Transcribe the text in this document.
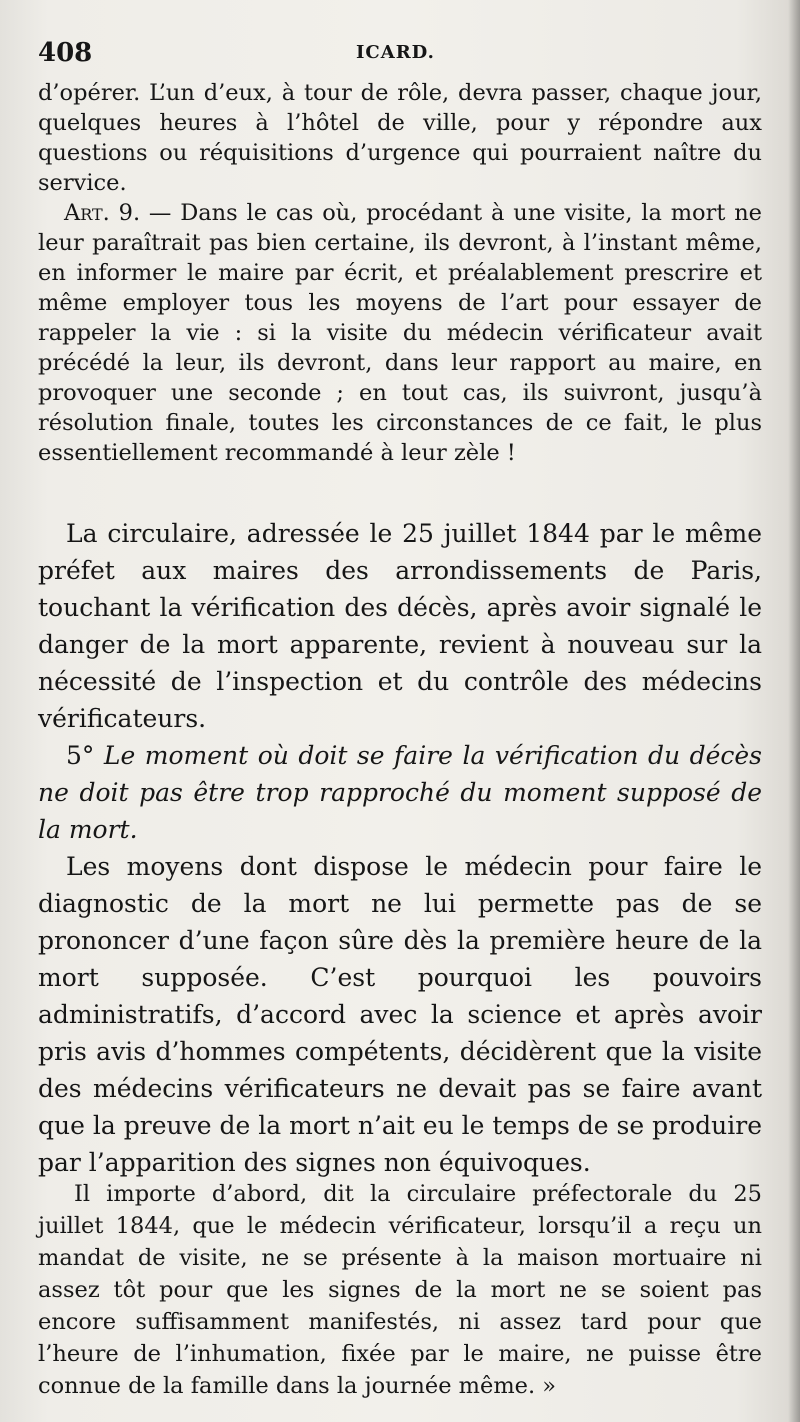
408	ICARD.

d’opérer. L’un d’eux, à tour de rôle, devra passer, chaque jour, quelques heures à l’hôtel de ville, pour y répondre aux questions ou réquisitions d’urgence qui pourraient naître du service.

Art. 9. — Dans le cas où, procédant à une visite, la mort ne leur paraîtrait pas bien certaine, ils devront, à l’instant même, en informer le maire par écrit, et préalablement prescrire et même employer tous les moyens de l’art pour essayer de rappeler la vie : si la visite du médecin vérificateur avait précédé la leur, ils devront, dans leur rapport au maire, en provoquer une seconde ; en tout cas, ils suivront, jusqu’à résolution finale, toutes les circonstances de ce fait, le plus essentiellement recommandé à leur zèle !

La circulaire, adressée le 25 juillet 1844 par le même préfet aux maires des arrondissements de Paris, touchant la vérification des décès, après avoir signalé le danger de la mort apparente, revient à nouveau sur la nécessité de l’inspection et du contrôle des médecins vérificateurs.

5° Le moment où doit se faire la vérification du décès ne doit pas être trop rapproché du moment supposé de la mort.

Les moyens dont dispose le médecin pour faire le diagnostic de la mort ne lui permette pas de se prononcer d’une façon sûre dès la première heure de la mort supposée. C’est pourquoi les pouvoirs administratifs, d’accord avec la science et après avoir pris avis d’hommes compétents, décidèrent que la visite des médecins vérificateurs ne devait pas se faire avant que la preuve de la mort n’ait eu le temps de se produire par l’apparition des signes non équivoques.

Il importe d’abord, dit la circulaire préfectorale du 25 juillet 1844, que le médecin vérificateur, lorsqu’il a reçu un mandat de visite, ne se présente à la maison mortuaire ni assez tôt pour que les signes de la mort ne se soient pas encore suffisamment manifestés, ni assez tard pour que l’heure de l’inhumation, fixée par le maire, ne puisse être connue de la famille dans la journée même. »
